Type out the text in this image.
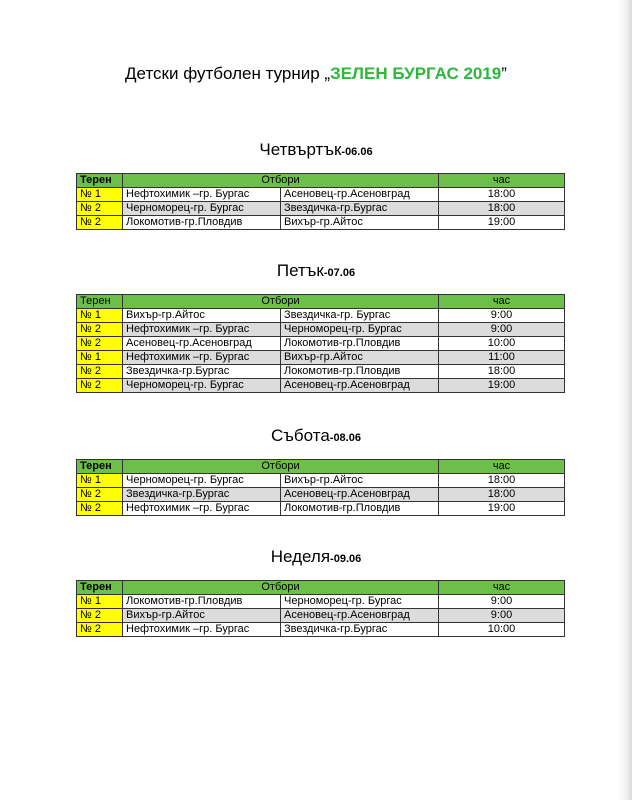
Детски футболен турнир „ЗЕЛЕН БУРГАС 2019”
Четвъртък-06.06
Терен	Отбори		час
№ 1	Нефтохимик –гр. Бургас	Асеновец-гр.Асеновград	18:00
№ 2	Черноморец-гр. Бургас	Звездичка-гр.Бургас	18:00
№ 2	Локомотив-гр.Пловдив	Вихър-гр.Айтос	19:00
Петък-07.06
Терен	Отбори		час
№ 1	Вихър-гр.Айтос	Звездичка-гр. Бургас	9:00
№ 2	Нефтохимик –гр. Бургас	Черноморец-гр. Бургас	9:00
№ 2	Асеновец-гр.Асеновград	Локомотив-гр.Пловдив	10:00
№ 1	Нефтохимик –гр. Бургас	Вихър-гр.Айтос	11:00
№ 2	Звездичка-гр.Бургас	Локомотив-гр.Пловдив	18:00
№ 2	Черноморец-гр. Бургас	Асеновец-гр.Асеновград	19:00
Събота-08.06
Терен	Отбори		час
№ 1	Черноморец-гр. Бургас	Вихър-гр.Айтос	18:00
№ 2	Звездичка-гр.Бургас	Асеновец-гр.Асеновград	18:00
№ 2	Нефтохимик –гр. Бургас	Локомотив-гр.Пловдив	19:00
Неделя-09.06
Терен	Отбори		час
№ 1	Локомотив-гр.Пловдив	Черноморец-гр. Бургас	9:00
№ 2	Вихър-гр.Айтос	Асеновец-гр.Асеновград	9:00
№ 2	Нефтохимик –гр. Бургас	Звездичка-гр.Бургас	10:00
